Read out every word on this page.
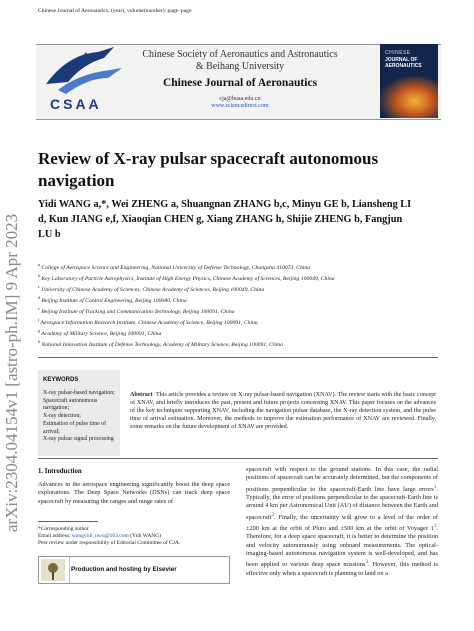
Chinese Journal of Aeronautics, (year), volume(number): page–page
CSAA
Chinese Society of Aeronautics and Astronautics
& Beihang University
Chinese Journal of Aeronautics
cja@buaa.edu.cn
www.sciencedirect.com
CHINESE
JOURNAL OF AERONAUTICS
arXiv:2304.04154v1 [astro-ph.IM] 9 Apr 2023
Review of X-ray pulsar spacecraft autonomous navigation
Yidi WANG a,*, Wei ZHENG a, Shuangnan ZHANG b,c, Minyu GE b, Liansheng LI d, Kun JIANG e,f, Xiaoqian CHEN g, Xiang ZHANG h, Shijie ZHENG b, Fangjun LU b
$^a$ College of Aerospace Science and Engineering, National University of Defense Technology, Changsha 410073, China
$^b$ Key Laboratory of Particle Astrophysics, Institute of High Energy Physics, Chinese Academy of Sciences, Beijing 100049, China
$^c$ University of Chinese Academy of Sciences, Chinese Academy of Sciences, Beijing 100049, China
$^d$ Beijing Institute of Control Engineering, Beijing 100080, China
$^e$ Beijing Institute of Tracking and Communication Technology, Beijing 100091, China
$^f$ Aerospace Information Research Institute, Chinese Academy of Science, Beijing 100091, China
$^g$ Academy of Military Science, Beijing 100091, China
$^h$ National Innovation Institute of Defense Technology, Academy of Military Science, Beijing 100091, China
KEYWORDS
X-ray pulsar-based navigation;
Spacecraft autonomous navigation;
X-ray detection;
Estimation of pulse time of arrival;
X-ray pulsar signal processing
Abstract This article provides a review on X-ray pulsar-based navigation (XNAV). The review starts with the basic concept of XNAV, and briefly introduces the past, present and future projects concerning XNAV. This paper focuses on the advances of the key techniques supporting XNAV, including the navigation pulsar database, the X-ray detection system, and the pulse time of arrival estimation. Moreover, the methods to improve the estimation performance of XNAV are reviewed. Finally, some remarks on the future development of XNAV are provided.
1. Introduction
Advances in the aerospace engineering significantly boost the deep space explorations. The Deep Space Networks (DSNs) can track deep space spacecraft by measuring the ranges and range rates of
spacecraft with respect to the ground stations. In this case, the radial positions of spacecraft can be accurately determined, but the components of positions perpendicular to the spacecraft-Earth line have large errors$^1$. Typically, the error of positions perpendicular to the spacecraft-Earth line is around 4 km per Astronomical Unit (AU) of distance between the Earth and spacecraft$^2$. Finally, the uncertainty will grow to a level of the order of ±200 km at the orbit of Pluto and ±500 km at the orbit of Voyager 1$^1$. Therefore, for a deep space spacecraft, it is better to determine the position and velocity autonomously using onboard measurements. The optical-imaging-based autonomous navigation system is well-developed, and has been applied to various deep space missions$^3$. However, this method is effective only when a spacecraft is planning to land on a
*Corresponding author
Email address: wangyidi_nwu@163.com (Yidi WANG)
Peer review under responsibility of Editorial Committee of CJA.
Production and hosting by Elsevier
